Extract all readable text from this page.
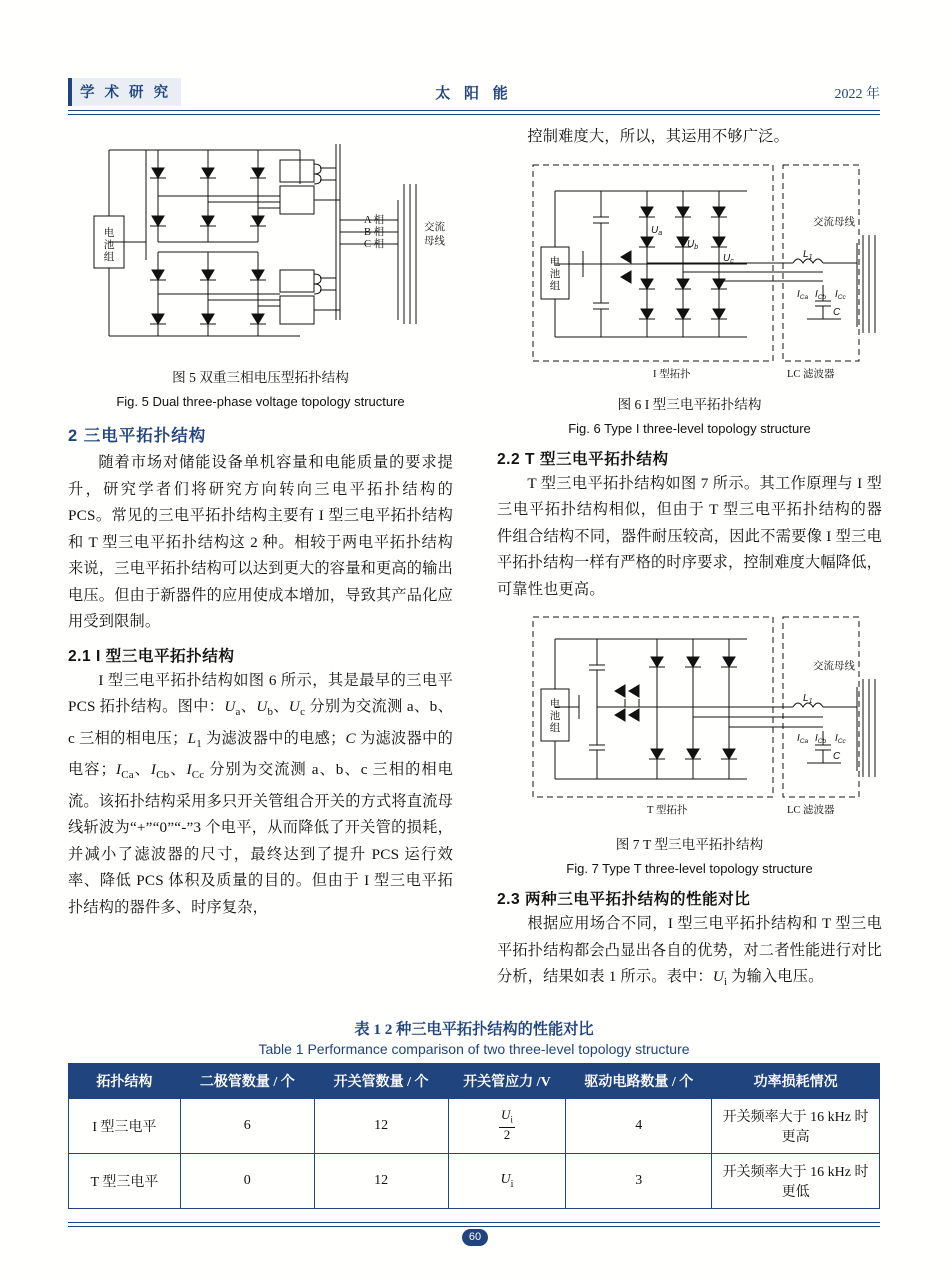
学 术 研 究	太 阳 能	2022 年
电
池
组
A 相
B 相
C 相
交流
母线
图 5 双重三相电压型拓扑结构
Fig. 5 Dual three-phase voltage topology structure
2 三电平拓扑结构

随着市场对储能设备单机容量和电能质量的要求提升，研究学者们将研究方向转向三电平拓扑结构的 PCS。常见的三电平拓扑结构主要有 I 型三电平拓扑结构和 T 型三电平拓扑结构这 2 种。相较于两电平拓扑结构来说，三电平拓扑结构可以达到更大的容量和更高的输出电压。但由于新器件的应用使成本增加，导致其产品化应用受到限制。

2.1 I 型三电平拓扑结构

I 型三电平拓扑结构如图 6 所示，其是最早的三电平 PCS 拓扑结构。图中：$U_a$、$U_b$、$U_c$ 分别为交流测 a、b、c 三相的相电压；$L_1$ 为滤波器中的电感；C 为滤波器中的电容；$I_{Ca}$、$I_{Cb}$、$I_{Cc}$ 分别为交流测 a、b、c 三相的相电流。该拓扑结构采用多只开关管组合开关的方式将直流母线斩波为“+”“0”“-”3 个电平，从而降低了开关管的损耗，并减小了滤波器的尺寸，最终达到了提升 PCS 运行效率、降低 PCS 体积及质量的目的。但由于 I 型三电平拓扑结构的器件多、时序复杂，

控制难度大，所以，其运用不够广泛。

电
池
组
$U_a$
$U_b$
$U_c$
$L_1$
$I_{Ca}$ $I_{Cb}$ $I_{Cc}$
C
I 型拓扑	LC 滤波器
交流母线
图 6 I 型三电平拓扑结构
Fig. 6 Type I three-level topology structure
2.2 T 型三电平拓扑结构

T 型三电平拓扑结构如图 7 所示。其工作原理与 I 型三电平拓扑结构相似，但由于 T 型三电平拓扑结构的器件组合结构不同，器件耐压较高，因此不需要像 I 型三电平拓扑结构一样有严格的时序要求，控制难度大幅降低，可靠性也更高。

电
池
组
$L_1$
$I_{Ca}$ $I_{Cb}$ $I_{Cc}$
C
T 型拓扑	LC 滤波器
交流母线
图 7 T 型三电平拓扑结构
Fig. 7 Type T three-level topology structure
2.3 两种三电平拓扑结构的性能对比

根据应用场合不同，I 型三电平拓扑结构和 T 型三电平拓扑结构都会凸显出各自的优势，对二者性能进行对比分析，结果如表 1 所示。表中：$U_i$ 为输入电压。

表 1 2 种三电平拓扑结构的性能对比
Table 1 Performance comparison of two three-level topology structure
拓扑结构	二极管数量 / 个	开关管数量 / 个	开关管应力 /V	驱动电路数量 / 个	功率损耗情况
I 型三电平	6	12	$\frac{U_i}{2}$	4	开关频率大于 16 kHz 时更高
T 型三电平	0	12	$U_i$	3	开关频率大于 16 kHz 时更低
60
